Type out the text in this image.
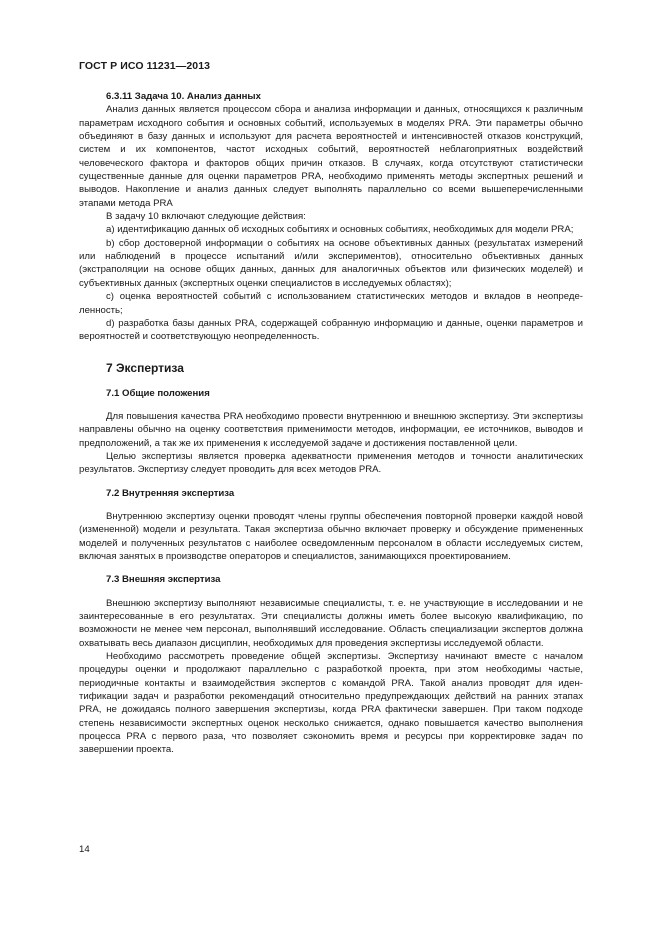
ГОСТ Р ИСО 11231—2013
6.3.11 Задача 10. Анализ данных

Анализ данных является процессом сбора и анализа информации и данных, относящихся к различным параметрам исходного события и основных событий, используемых в моделях PRA. Эти параметры обычно объединяют в базу данных и используют для расчета вероятностей и интенсивностей отказов конструкций, систем и их компонентов, частот исходных событий, вероятностей неблагоприятных воздействий человеческого фактора и факторов общих причин отказов. В случаях, когда отсутствуют статистически существенные данные для оценки параметров PRA, необходимо применять методы экспертных решений и выводов. Накопление и анализ данных следует выполнять параллельно со всеми вышеперечисленными этапами метода PRA

В задачу 10 включают следующие действия:

a) идентификацию данных об исходных событиях и основных событиях, необходимых для модели PRA;

b) сбор достоверной информации о событиях на основе объективных данных (результатах измерений или наблюдений в процессе испытаний и/или экспериментов), относительно объективных данных (экстраполяции на основе общих данных, данных для аналогичных объектов или физических моделей) и субъективных данных (экспертных оценки специалистов в исследуемых областях);

c) оценка вероятностей событий с использованием статистических методов и вкладов в неопределенность;

d) разработка базы данных PRA, содержащей собранную информацию и данные, оценки параметров и вероятностей и соответствующую неопределенность.

7 Экспертиза
7.1 Общие положения

Для повышения качества PRA необходимо провести внутреннюю и внешнюю экспертизу. Эти экспертизы направлены обычно на оценку соответствия применимости методов, информации, ее источников, выводов и предположений, а так же их применения к исследуемой задаче и достижения поставленной цели.

Целью экспертизы является проверка адекватности применения методов и точности аналитических результатов. Экспертизу следует проводить для всех методов PRA.

7.2 Внутренняя экспертиза

Внутреннюю экспертизу оценки проводят члены группы обеспечения повторной проверки каждой новой (измененной) модели и результата. Такая экспертиза обычно включает проверку и обсуждение примененных моделей и полученных результатов с наиболее осведомленным персоналом в области исследуемых систем, включая занятых в производстве операторов и специалистов, занимающихся проектированием.

7.3 Внешняя экспертиза

Внешнюю экспертизу выполняют независимые специалисты, т. е. не участвующие в исследовании и не заинтересованные в его результатах. Эти специалисты должны иметь более высокую квалификацию, по возможности не менее чем персонал, выполнявший исследование. Область специализации экспертов должна охватывать весь диапазон дисциплин, необходимых для проведения экспертизы исследуемой области.

Необходимо рассмотреть проведение общей экспертизы. Экспертизу начинают вместе с началом процедуры оценки и продолжают параллельно с разработкой проекта, при этом необходимы частые, периодичные контакты и взаимодействия экспертов с командой PRA. Такой анализ проводят для идентификации задач и разработки рекомендаций относительно предупреждающих действий на ранних этапах PRA, не дожидаясь полного завершения экспертизы, когда PRA фактически завершен. При таком подходе степень независимости экспертных оценок несколько снижается, однако повышается качество выполнения процесса PRA с первого раза, что позволяет сэкономить время и ресурсы при корректировке задач по завершении проекта.

14
